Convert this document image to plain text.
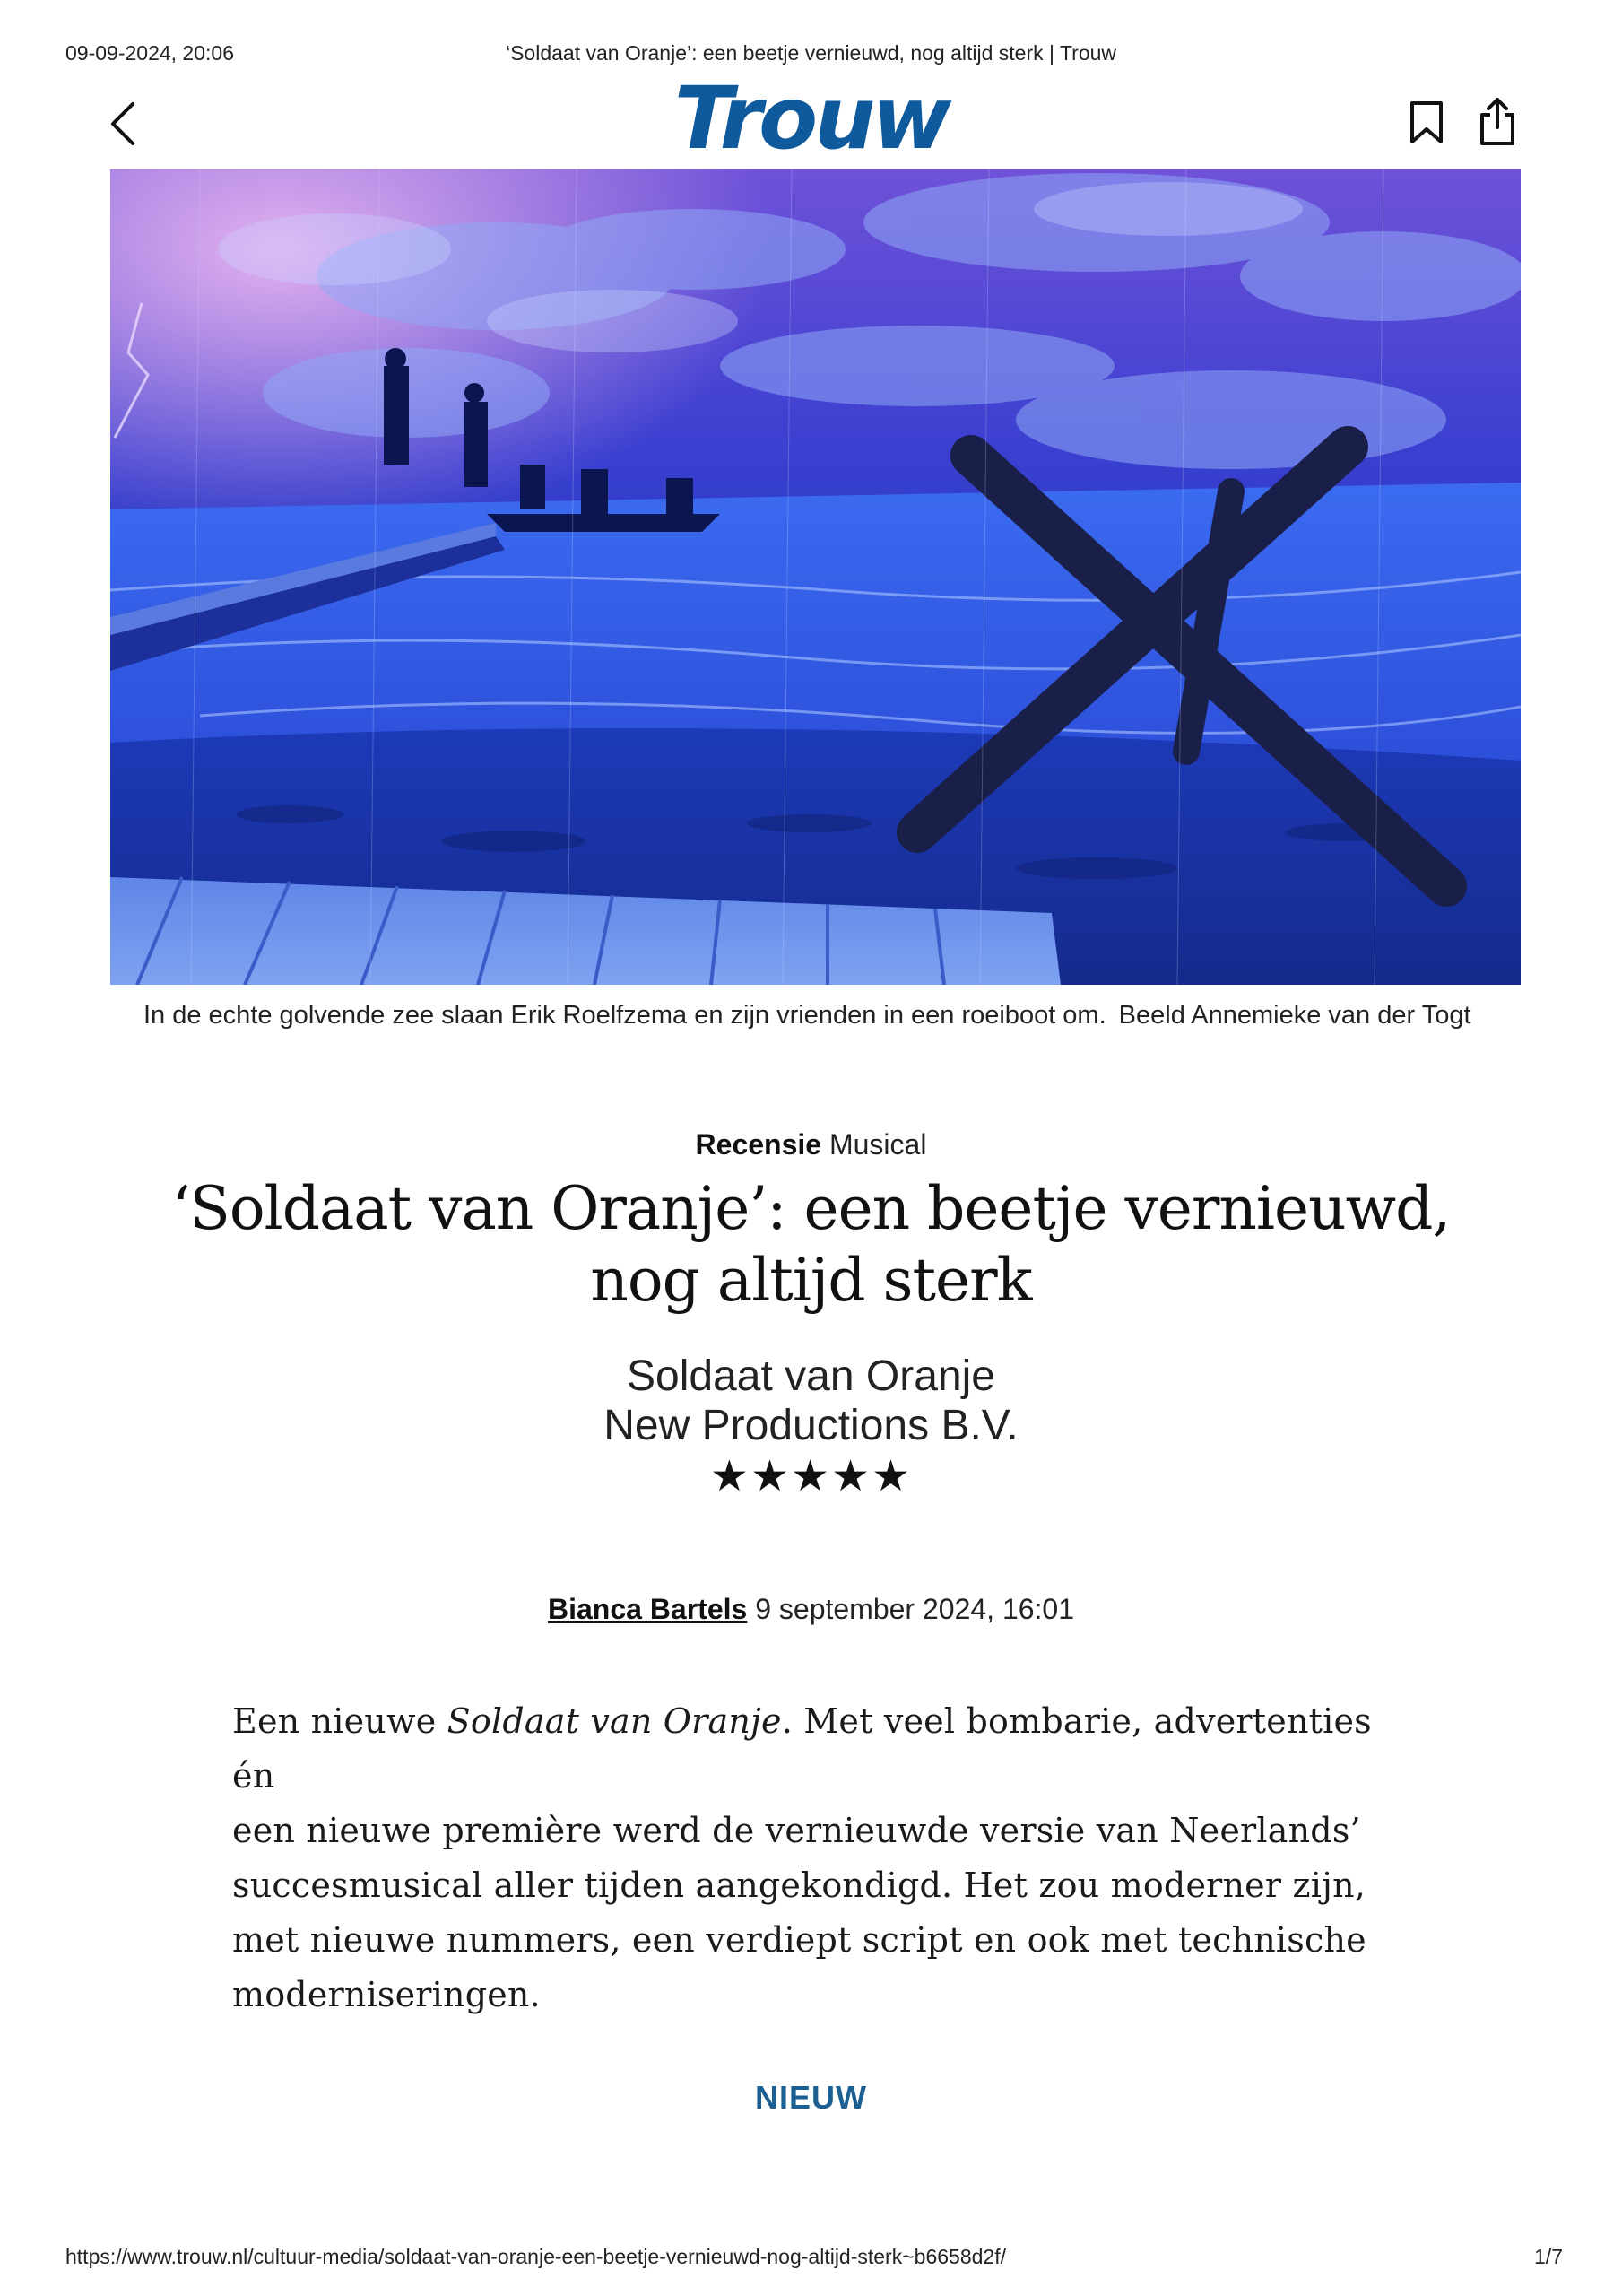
09-09-2024, 20:06	‘Soldaat van Oranje’: een beetje vernieuwd, nog altijd sterk | Trouw
Trouw
In de echte golvende zee slaan Erik Roelfzema en zijn vrienden in een roeiboot om. Beeld Annemieke van der Togt
Recensie Musical
‘Soldaat van Oranje’: een beetje vernieuwd,
nog altijd sterk
Soldaat van Oranje
New Productions B.V.
★★★★★
Bianca Bartels 9 september 2024, 16:01
Een nieuwe Soldaat van Oranje. Met veel bombarie, advertenties én
een nieuwe première werd de vernieuwde versie van Neerlands’
succesmusical aller tijden aangekondigd. Het zou moderner zijn,
met nieuwe nummers, een verdiept script en ook met technische
moderniseringen.
NIEUW
https://www.trouw.nl/cultuur-media/soldaat-van-oranje-een-beetje-vernieuwd-nog-altijd-sterk~b6658d2f/	1/7
